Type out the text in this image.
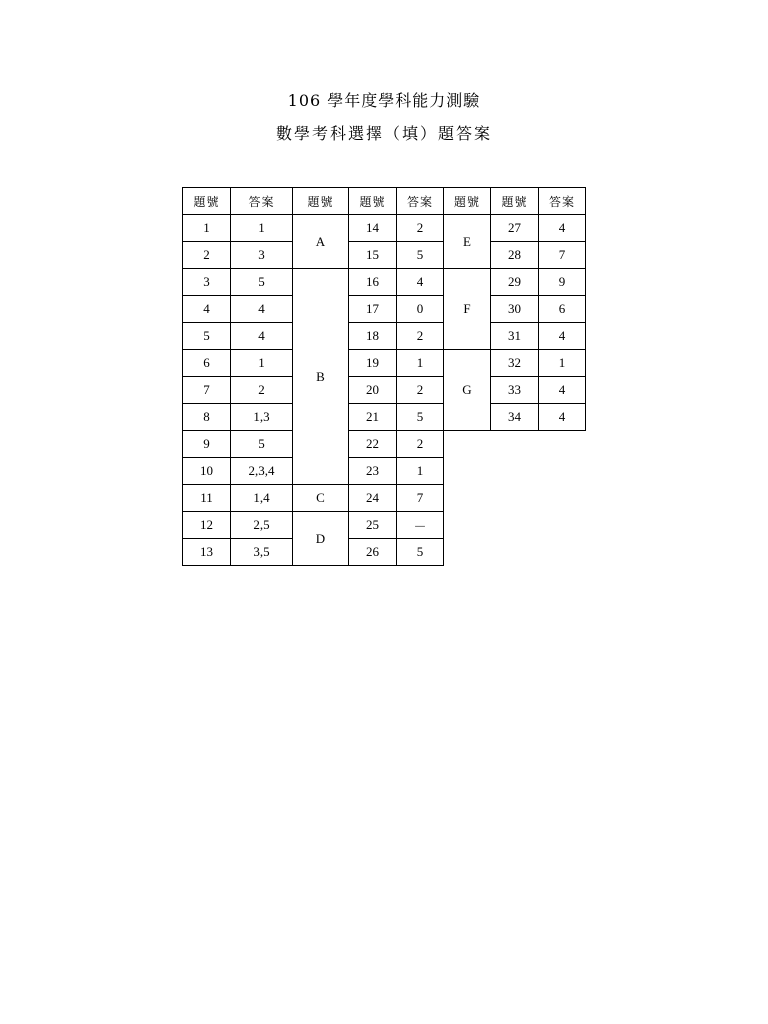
106 學年度學科能力測驗
數學考科選擇（填）題答案
題號	答案	題號	題號	答案	題號	題號	答案
1	1	A	14	2	E	27	4
2	3		15	5		28	7
3	5	B	16	4	F	29	9
4	4		17	0		30	6
5	4		18	2		31	4
6	1		19	1	G	32	1
7	2		20	2		33	4
8	1,3		21	5		34	4
9	5		22	2			
10	2,3,4		23	1			
11	1,4	C	24	7			
12	2,5	D	25	－			
13	3,5		26	5			
